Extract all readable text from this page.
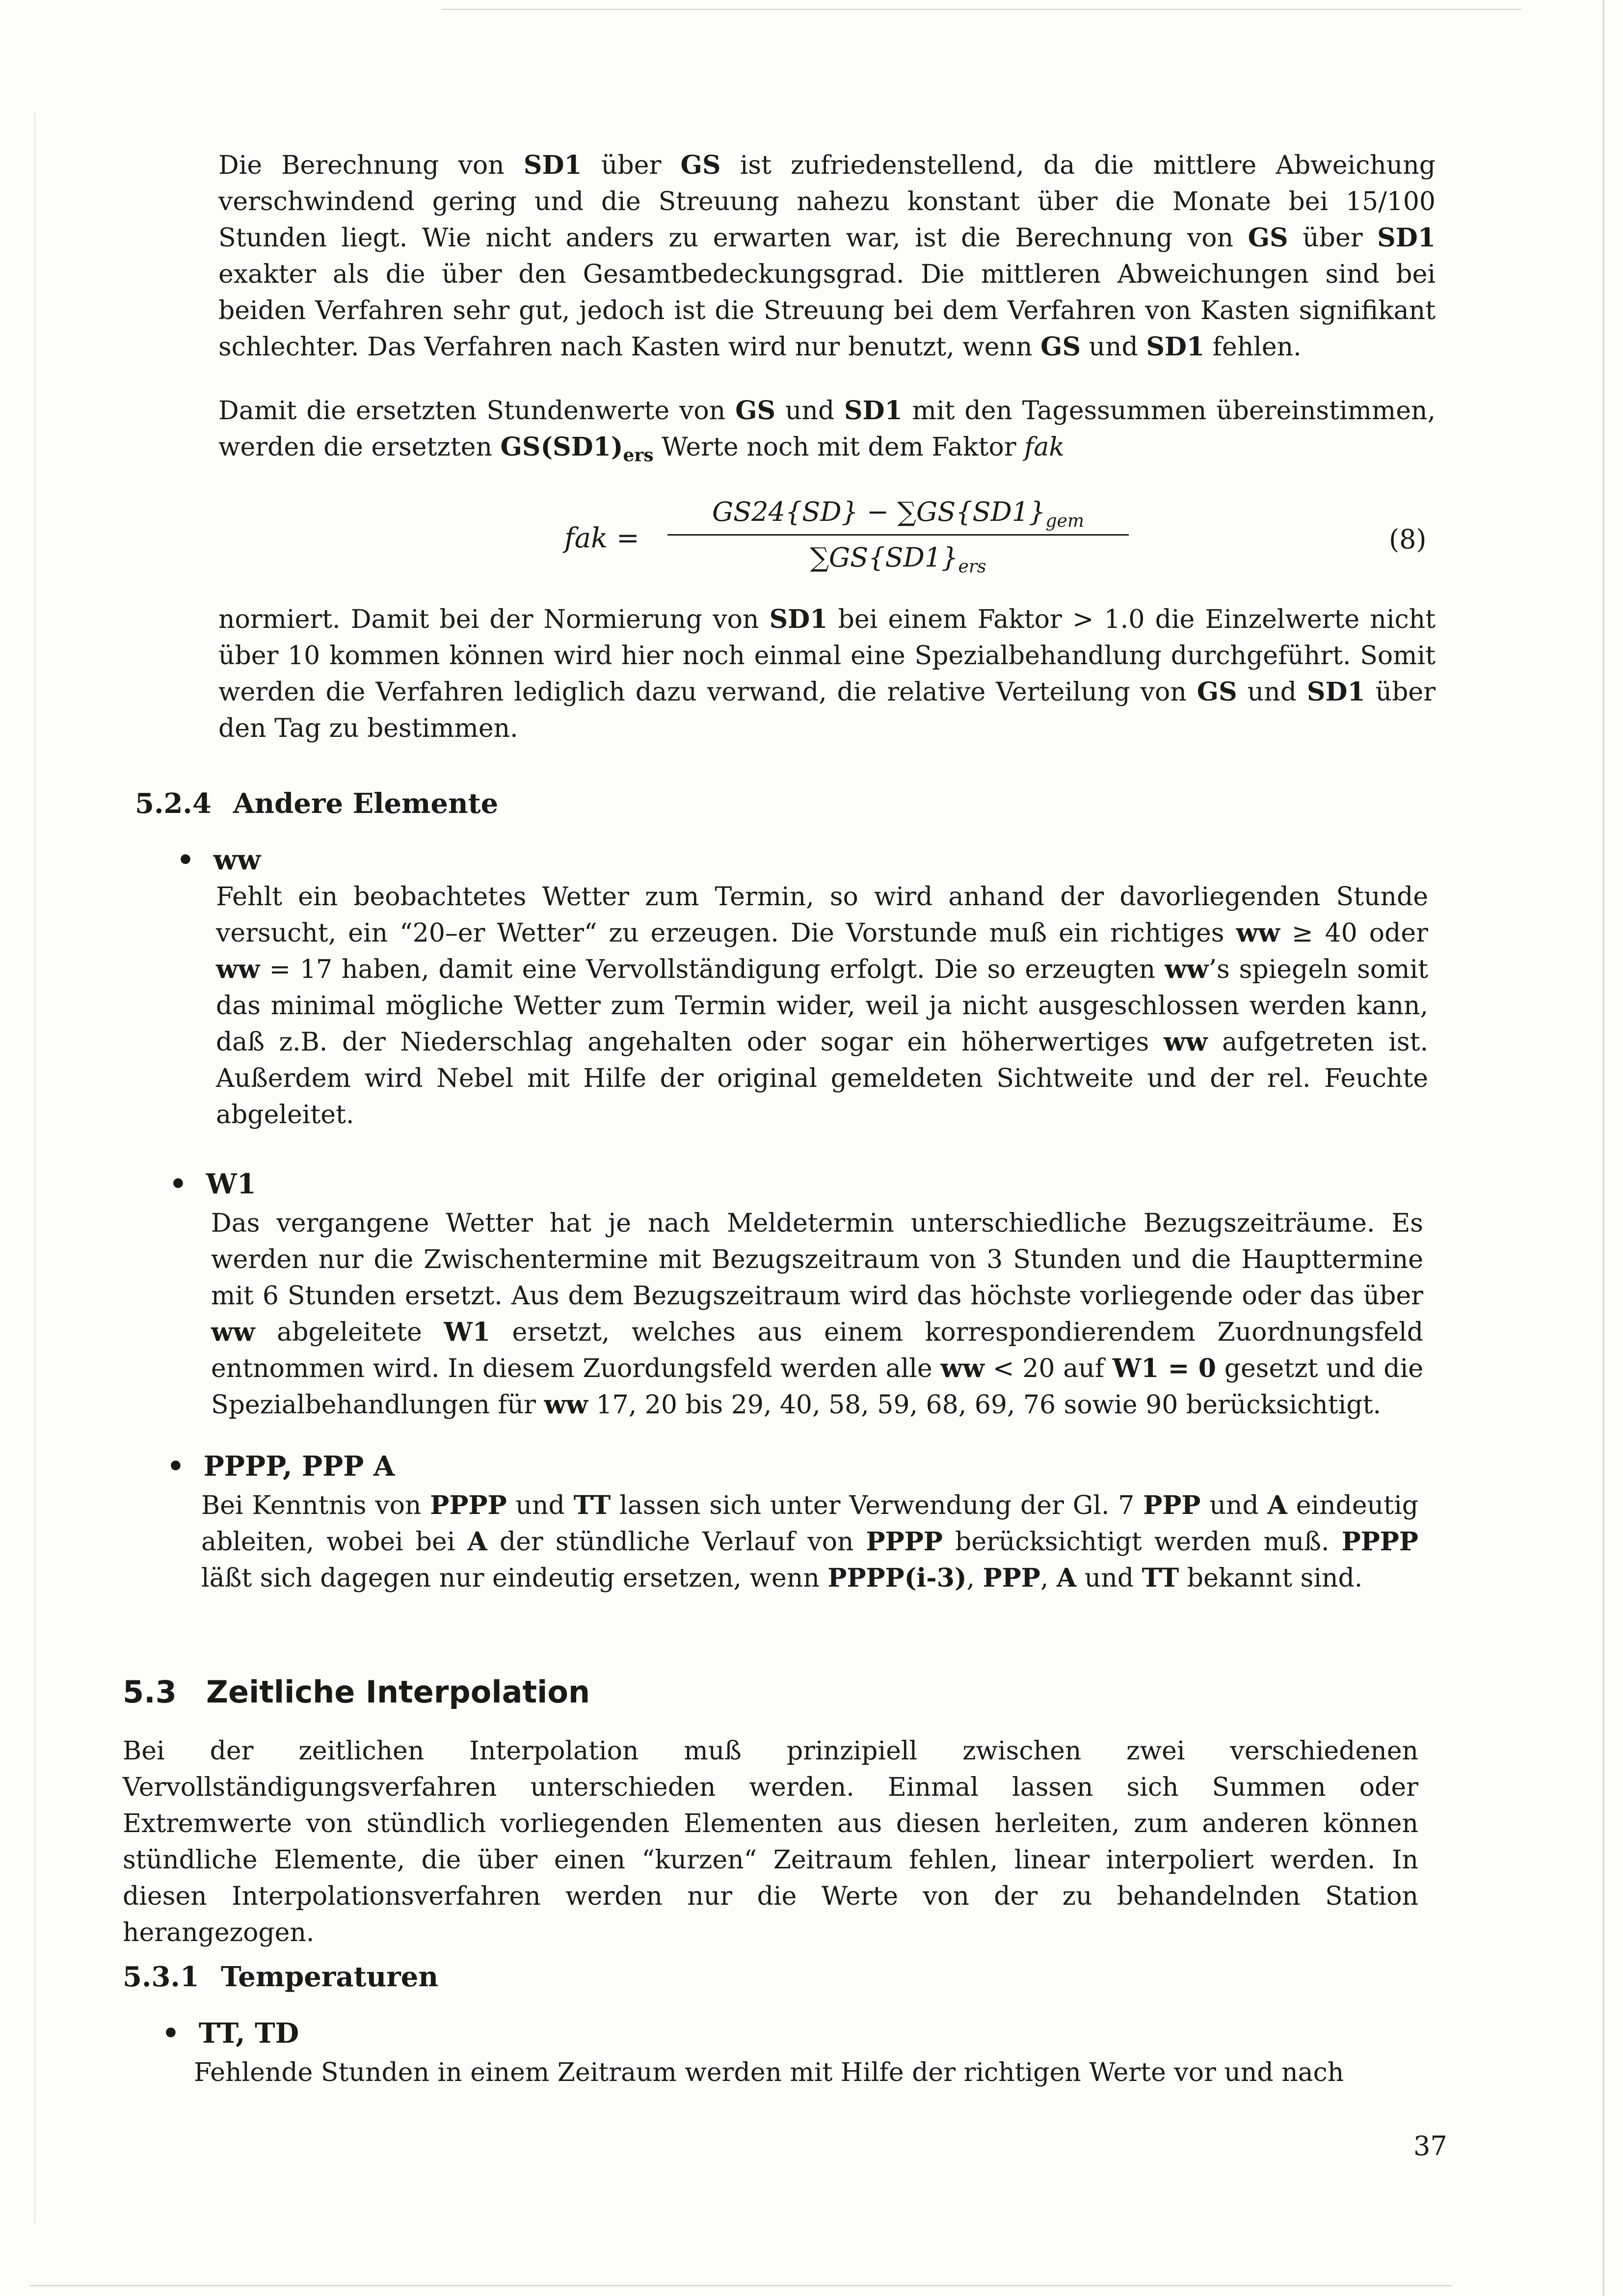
Die Berechnung von SD1 über GS ist zufriedenstellend, da die mittlere Abweichung verschwindend gering und die Streuung nahezu konstant über die Monate bei 15/100 Stunden liegt. Wie nicht anders zu erwarten war, ist die Berechnung von GS über SD1 exakter als die über den Gesamtbedeckungsgrad. Die mittleren Abweichungen sind bei beiden Verfahren sehr gut, jedoch ist die Streuung bei dem Verfahren von Kasten signifikant schlechter. Das Verfahren nach Kasten wird nur benutzt, wenn GS und SD1 fehlen.

Damit die ersetzten Stundenwerte von GS und SD1 mit den Tagessummen übereinstimmen, werden die ersetzten $GS(SD1)_{ers}$ Werte noch mit dem Faktor fak

fak =
$GS24\{SD\} - \sum GS\{SD1\}_{gem}$
$\sum GS\{SD1\}_{ers}$
(8)

normiert. Damit bei der Normierung von SD1 bei einem Faktor > 1.0 die Einzelwerte nicht über 10 kommen können wird hier noch einmal eine Spezialbehandlung durchgeführt. Somit werden die Verfahren lediglich dazu verwand, die relative Verteilung von GS und SD1 über den Tag zu bestimmen.

5.2.4 Andere Elemente
•  ww

Fehlt ein beobachtetes Wetter zum Termin, so wird anhand der davorliegenden Stunde versucht, ein “20–er Wetter“ zu erzeugen. Die Vorstunde muß ein richtiges ww ≥ 40 oder ww = 17 haben, damit eine Vervollständigung erfolgt. Die so erzeugten ww’s spiegeln somit das minimal mögliche Wetter zum Termin wider, weil ja nicht ausgeschlossen werden kann, daß z.B. der Niederschlag angehalten oder sogar ein höherwertiges ww aufgetreten ist. Außerdem wird Nebel mit Hilfe der original gemeldeten Sichtweite und der rel. Feuchte abgeleitet.

•  W1

Das vergangene Wetter hat je nach Meldetermin unterschiedliche Bezugszeiträume. Es werden nur die Zwischentermine mit Bezugszeitraum von 3 Stunden und die Haupttermine mit 6 Stunden ersetzt. Aus dem Bezugszeitraum wird das höchste vorliegende oder das über ww abgeleitete W1 ersetzt, welches aus einem korrespondierendem Zuordnungsfeld entnommen wird. In diesem Zuordungsfeld werden alle ww < 20 auf W1 = 0 gesetzt und die Spezialbehandlungen für ww 17, 20 bis 29, 40, 58, 59, 68, 69, 76 sowie 90 berücksichtigt.

•  PPPP, PPP A

Bei Kenntnis von PPPP und TT lassen sich unter Verwendung der Gl. 7 PPP und A eindeutig ableiten, wobei bei A der stündliche Verlauf von PPPP berücksichtigt werden muß. PPPP läßt sich dagegen nur eindeutig ersetzen, wenn PPPP(i-3), PPP, A und TT bekannt sind.

5.3 Zeitliche Interpolation

Bei der zeitlichen Interpolation muß prinzipiell zwischen zwei verschiedenen Vervollständigungsverfahren unterschieden werden. Einmal lassen sich Summen oder Extremwerte von stündlich vorliegenden Elementen aus diesen herleiten, zum anderen können stündliche Elemente, die über einen “kurzen“ Zeitraum fehlen, linear interpoliert werden. In diesen Interpolationsverfahren werden nur die Werte von der zu behandelnden Station herangezogen.

5.3.1 Temperaturen
•  TT, TD

Fehlende Stunden in einem Zeitraum werden mit Hilfe der richtigen Werte vor und nach

37
